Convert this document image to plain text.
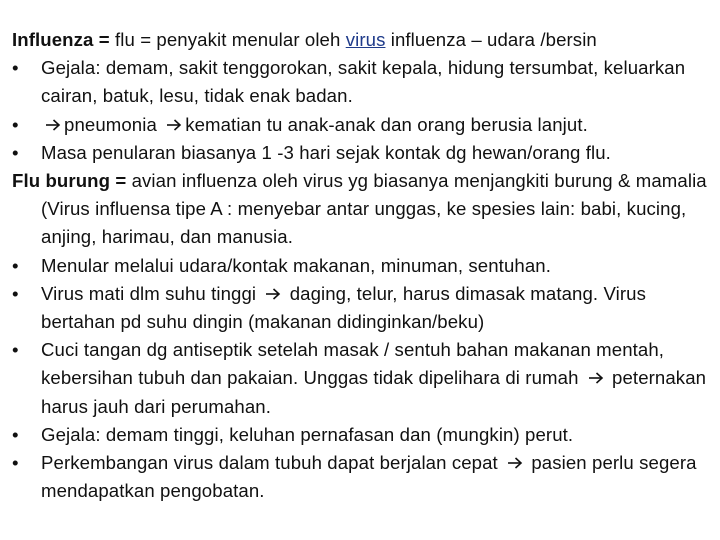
Influenza = flu = penyakit menular oleh virus influenza – udara /bersin

• Gejala: demam, sakit tenggorokan, sakit kepala, hidung tersumbat, keluarkan cairan, batuk, lesu, tidak enak badan.

• pneumonia
kematian tu anak-anak dan orang berusia lanjut.

• Masa penularan biasanya 1 -3 hari sejak kontak dg hewan/orang flu.

Flu burung = avian influenza oleh virus yg biasanya menjangkiti burung & mamalia (Virus influensa tipe A : menyebar antar unggas, ke spesies lain: babi, kucing, anjing, harimau, dan manusia.

• Menular melalui udara/kontak makanan, minuman, sentuhan.

• Virus mati dlm suhu tinggi
daging, telur, harus dimasak matang. Virus bertahan pd suhu dingin (makanan didinginkan/beku)

• Cuci tangan dg antiseptik setelah masak / sentuh bahan makanan mentah, kebersihan tubuh dan pakaian. Unggas tidak dipelihara di rumah
peternakan harus jauh dari perumahan.

• Gejala: demam tinggi, keluhan pernafasan dan (mungkin) perut.

• Perkembangan virus dalam tubuh dapat berjalan cepat
pasien perlu segera mendapatkan pengobatan.
